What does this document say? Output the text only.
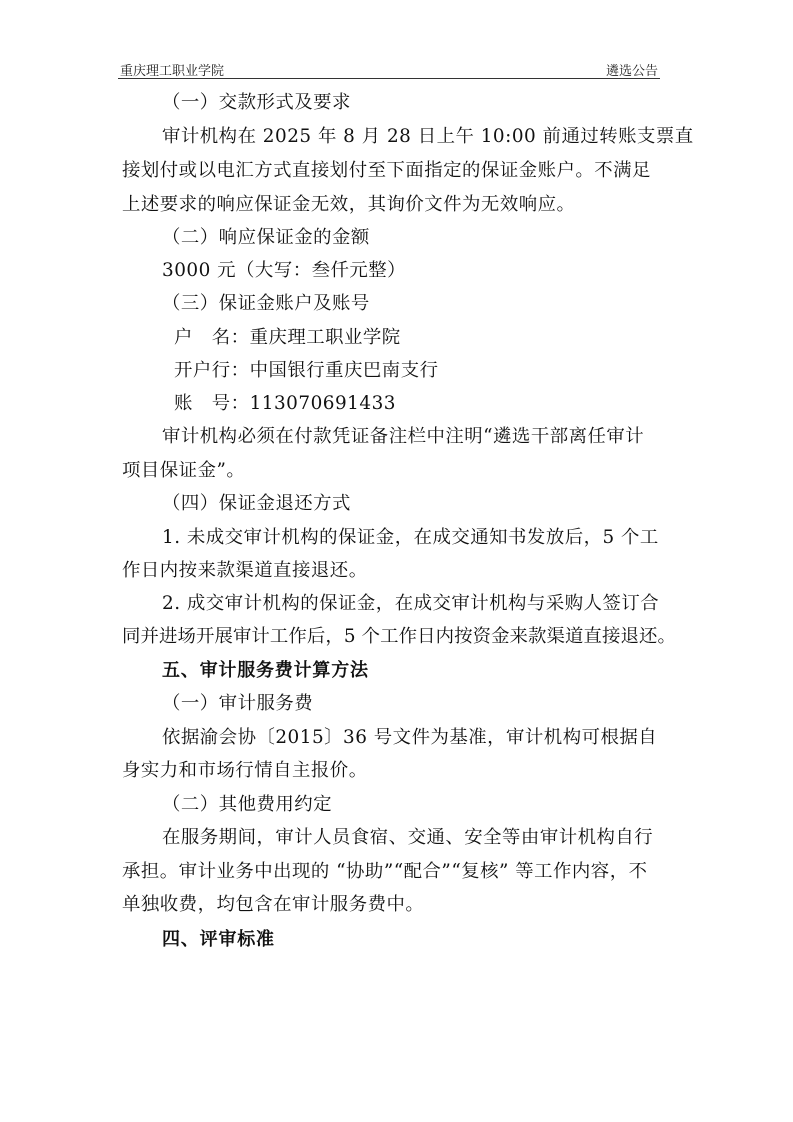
重庆理工职业学院	遴选公告
（一）交款形式及要求
审计机构在 2025 年 8 月 28 日上午 10:00 前通过转账支票直
接划付或以电汇方式直接划付至下面指定的保证金账户。不满足
上述要求的响应保证金无效，其询价文件为无效响应。
（二）响应保证金的金额
3000 元（大写：叁仟元整）
（三）保证金账户及账号
户　名：重庆理工职业学院
开户行：中国银行重庆巴南支行
账　号：113070691433
审计机构必须在付款凭证备注栏中注明“遴选干部离任审计
项目保证金”。
（四）保证金退还方式
1. 未成交审计机构的保证金，在成交通知书发放后，5 个工
作日内按来款渠道直接退还。
2. 成交审计机构的保证金，在成交审计机构与采购人签订合
同并进场开展审计工作后，5 个工作日内按资金来款渠道直接退还。
五、审计服务费计算方法
（一）审计服务费
依据渝会协〔2015〕36 号文件为基准，审计机构可根据自
身实力和市场行情自主报价。
（二）其他费用约定
在服务期间，审计人员食宿、交通、安全等由审计机构自行
承担。审计业务中出现的 “协助”“配合”“复核” 等工作内容，不
单独收费，均包含在审计服务费中。
四、评审标准
